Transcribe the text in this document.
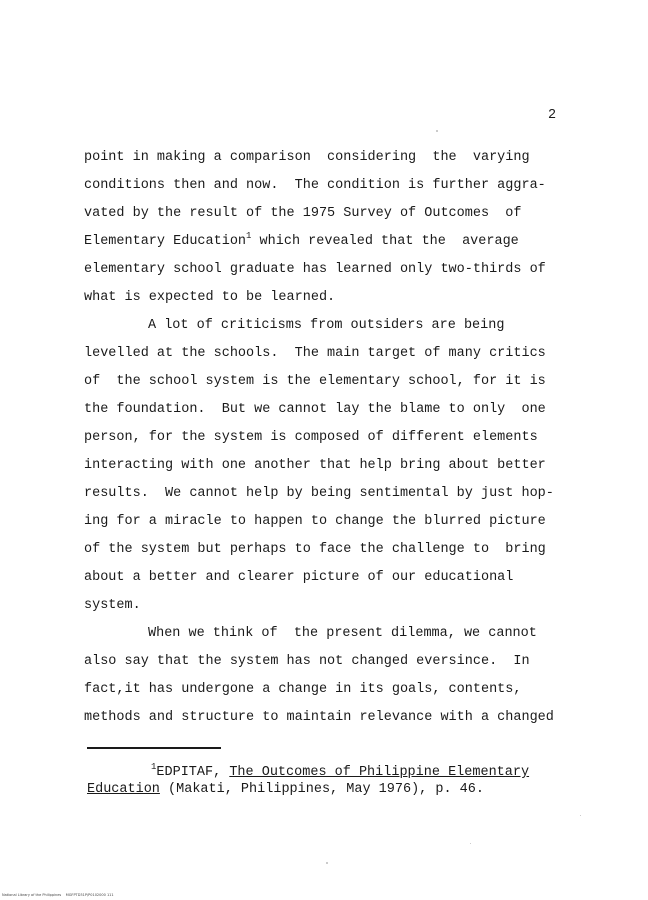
2
point in making a comparison  considering  the  varying
conditions then and now.  The condition is further aggra-
vated by the result of the 1975 Survey of Outcomes  of
Elementary Education$^1$ which revealed that the  average
elementary school graduate has learned only two-thirds of
what is expected to be learned.
A lot of criticisms from outsiders are being
levelled at the schools.  The main target of many critics
of  the school system is the elementary school, for it is
the foundation.  But we cannot lay the blame to only  one
person, for the system is composed of different elements
interacting with one another that help bring about better
results.  We cannot help by being sentimental by just hop-
ing for a miracle to happen to change the blurred picture
of the system but perhaps to face the challenge to  bring
about a better and clearer picture of our educational
system.
When we think of  the present dilemma, we cannot
also say that the system has not changed eversince.  In
fact,it has undergone a change in its goals, contents,
methods and structure to maintain relevance with a changed
$^1$EDPITAF, The Outcomes of Philippine Elementary
Education (Makati, Philippines, May 1976), p. 46.
National Library of the Philippines    MGFPTD31P/P0102000 111
